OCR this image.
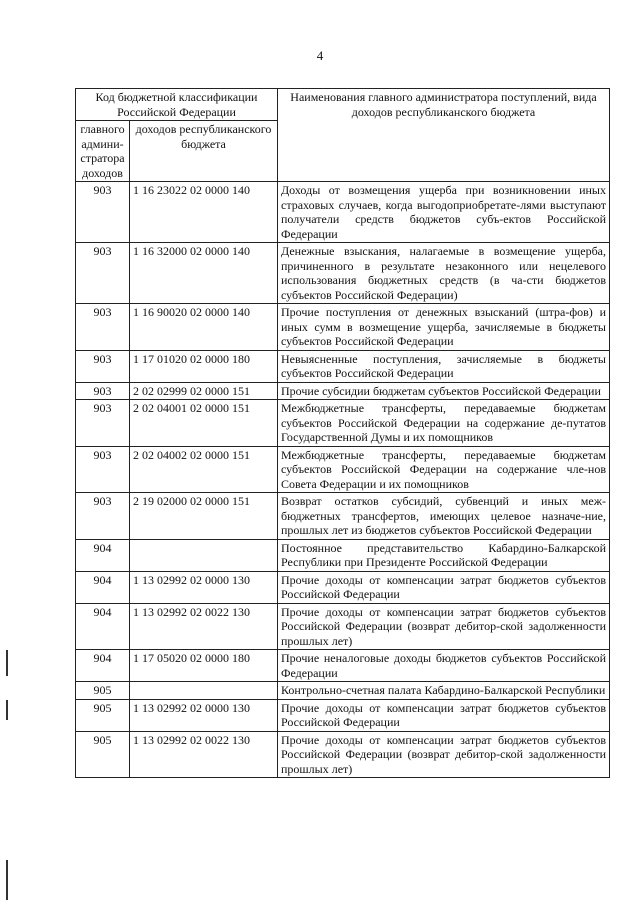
4
Код бюджетной классификации Российской Федерации		Наименования главного администратора поступлений, вида доходов республиканского бюджета
главного админи-стратора доходов	доходов республиканского бюджета	
903	1 16 23022 02 0000 140	Доходы от возмещения ущерба при возникновении иных страховых случаев, когда выгодоприобретате-лями выступают получатели средств бюджетов субъ-ектов Российской Федерации
903	1 16 32000 02 0000 140	Денежные взыскания, налагаемые в возмещение ущерба, причиненного в результате незаконного или нецелевого использования бюджетных средств (в ча-сти бюджетов субъектов Российской Федерации)
903	1 16 90020 02 0000 140	Прочие поступления от денежных взысканий (штра-фов) и иных сумм в возмещение ущерба, зачисляемые в бюджеты субъектов Российской Федерации
903	1 17 01020 02 0000 180	Невыясненные поступления, зачисляемые в бюджеты субъектов Российской Федерации
903	2 02 02999 02 0000 151	Прочие субсидии бюджетам субъектов Российской Федерации
903	2 02 04001 02 0000 151	Межбюджетные трансферты, передаваемые бюджетам субъектов Российской Федерации на содержание де-путатов Государственной Думы и их помощников
903	2 02 04002 02 0000 151	Межбюджетные трансферты, передаваемые бюджетам субъектов Российской Федерации на содержание чле-нов Совета Федерации и их помощников
903	2 19 02000 02 0000 151	Возврат остатков субсидий, субвенций и иных меж-бюджетных трансфертов, имеющих целевое назначе-ние, прошлых лет из бюджетов субъектов Российской Федерации
904		Постоянное представительство Кабардино-Балкарской Республики при Президенте Российской Федерации
904	1 13 02992 02 0000 130	Прочие доходы от компенсации затрат бюджетов субъектов Российской Федерации
904	1 13 02992 02 0022 130	Прочие доходы от компенсации затрат бюджетов субъектов Российской Федерации (возврат дебитор-ской задолженности прошлых лет)
904	1 17 05020 02 0000 180	Прочие неналоговые доходы бюджетов субъектов Российской Федерации
905		Контрольно-счетная палата Кабардино-Балкарской Республики
905	1 13 02992 02 0000 130	Прочие доходы от компенсации затрат бюджетов субъектов Российской Федерации
905	1 13 02992 02 0022 130	Прочие доходы от компенсации затрат бюджетов субъектов Российской Федерации (возврат дебитор-ской задолженности прошлых лет)
